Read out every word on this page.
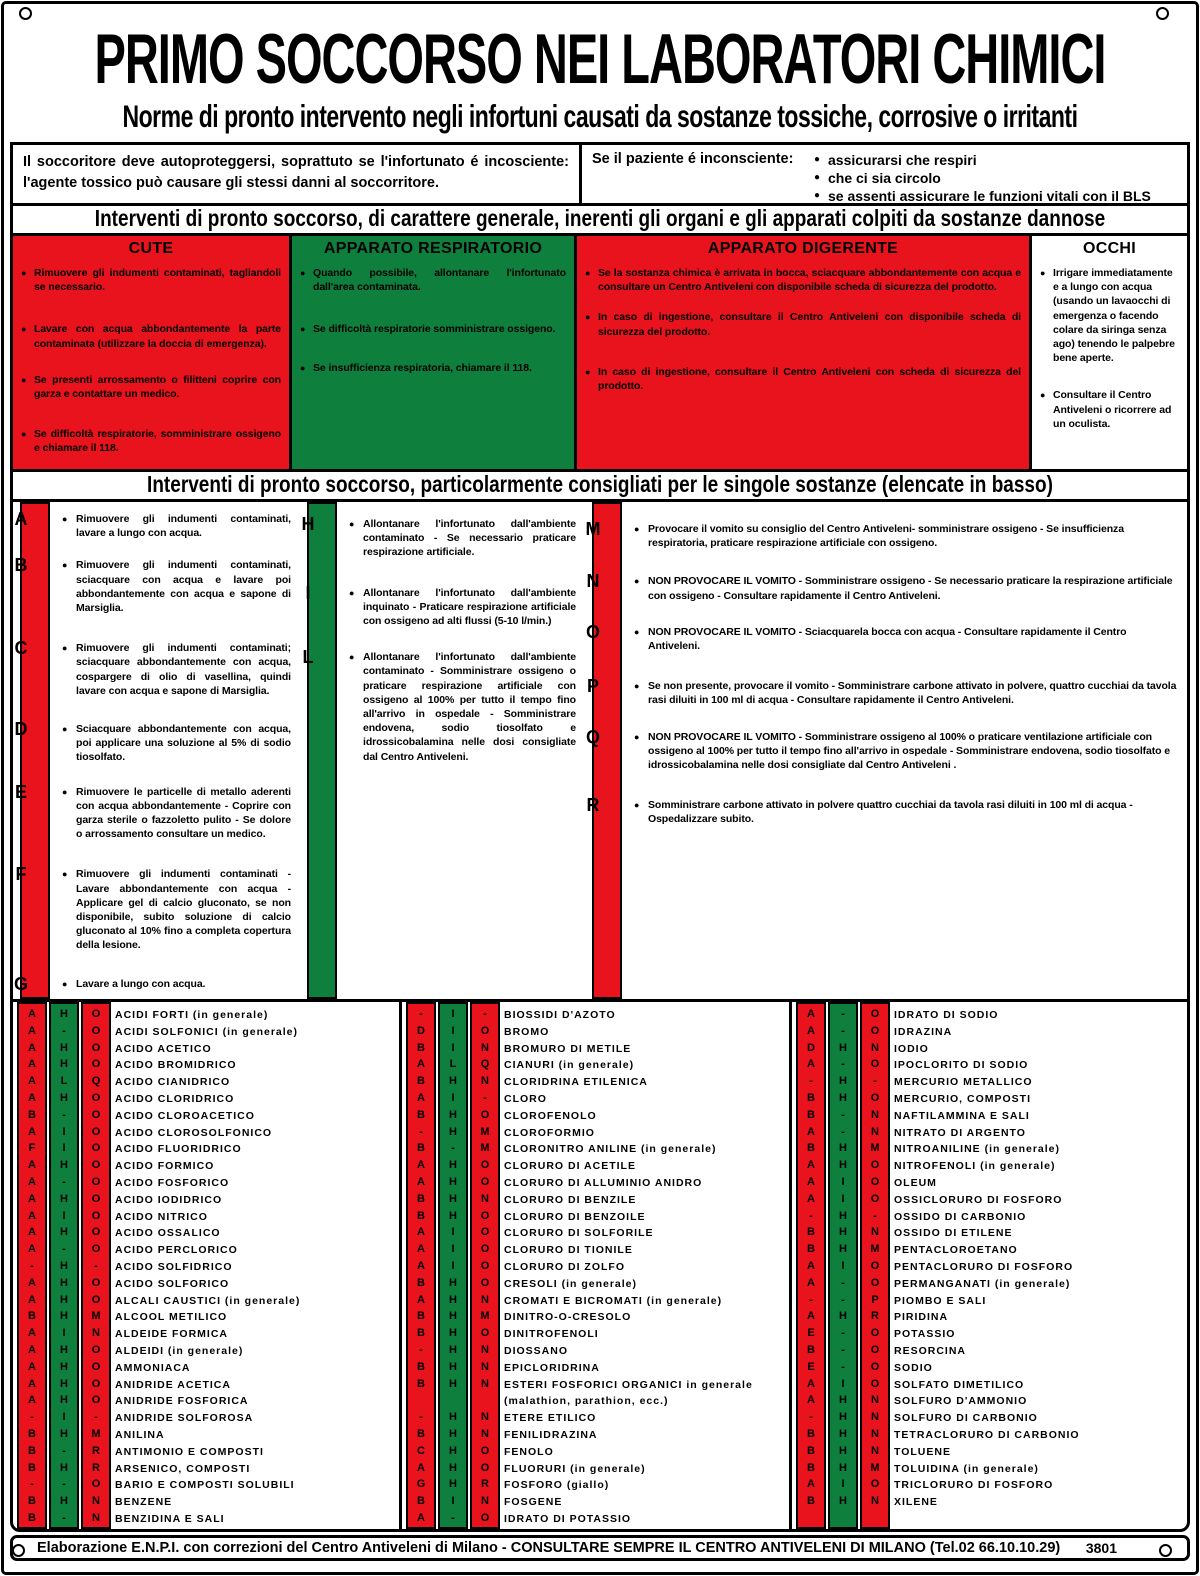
PRIMO SOCCORSO NEI LABORATORI CHIMICI
Norme di pronto intervento negli infortuni causati da sostanze tossiche, corrosive o irritanti
Il soccoritore deve autoproteggersi, soprattuto se l'infortunato é incosciente: l'agente tossico può causare gli stessi danni al soccorritore.
Se il paziente é inconsciente:	● assicurarsi che respiri
● che ci sia circolo
● se assenti assicurare le funzioni vitali con il BLS
Interventi di pronto soccorso, di carattere generale, inerenti gli organi e gli apparati colpiti da sostanze dannose
CUTE
● Rimuovere gli indumenti contaminati, tagliandoli se necessario.
● Lavare con acqua abbondantemente la parte contaminata (utilizzare la doccia di emergenza).
● Se presenti arrossamento o filitteni coprire con garza e contattare un medico.
● Se difficoltà respiratorie, somministrare ossigeno e chiamare il 118.
APPARATO RESPIRATORIO
● Quando possibile, allontanare l'infortunato dall'area contaminata.
● Se difficoltà respiratorie somministrare ossigeno.
● Se insufficienza respiratoria, chiamare il 118.
APPARATO DIGERENTE
● Se la sostanza chimica è arrivata in bocca, sciacquare abbondantemente con acqua e consultare un Centro Antiveleni con disponibile scheda di sicurezza del prodotto.
● In caso di ingestione, consultare il Centro Antiveleni con disponibile scheda di sicurezza del prodotto.
● In caso di ingestione, consultare il Centro Antiveleni con scheda di sicurezza del prodotto.
OCCHI
● Irrigare immediatamente e a lungo con acqua (usando un lavaocchi di emergenza o facendo colare da siringa senza ago) tenendo le palpebre bene aperte.
● Consultare il Centro Antiveleni o ricorrere ad un oculista.
Interventi di pronto soccorso, particolarmente consigliati per le singole sostanze (elencate in basso)
A	● Rimuovere gli indumenti contaminati, lavare a lungo con acqua.
B	● Rimuovere gli indumenti contaminati, sciacquare con acqua e lavare poi abbondantemente con acqua e sapone di Marsiglia.
C	● Rimuovere gli indumenti contaminati; sciacquare abbondantemente con acqua, cospargere di olio di vasellina, quindi lavare con acqua e sapone di Marsiglia.
D	● Sciacquare abbondantemente con acqua, poi applicare una soluzione al 5% di sodio tiosolfato.
E	● Rimuovere le particelle di metallo aderenti con acqua abbondantemente - Coprire con garza sterile o fazzoletto pulito - Se dolore o arrossamento consultare un medico.
F	● Rimuovere gli indumenti contaminati - Lavare abbondantemente con acqua - Applicare gel di calcio gluconato, se non disponibile, subito soluzione di calcio gluconato al 10% fino a completa copertura della lesione.
G	● Lavare a lungo con acqua.
H	● Allontanare l'infortunato dall'ambiente contaminato - Se necessario praticare respirazione artificiale.
I	● Allontanare l'infortunato dall'ambiente inquinato - Praticare respirazione artificiale con ossigeno ad alti flussi (5-10 l/min.)
L	● Allontanare l'infortunato dall'ambiente contaminato - Somministrare ossigeno o praticare respirazione artificiale con ossigeno al 100% per tutto il tempo fino all'arrivo in ospedale - Somministrare endovena, sodio tiosolfato e idrossicobalamina nelle dosi consigliate dal Centro Antiveleni.
M	● Provocare il vomito su consiglio del Centro Antiveleni- somministrare ossigeno - Se insufficienza respiratoria, praticare respirazione artificiale con ossigeno.
N	● NON PROVOCARE IL VOMITO - Somministrare ossigeno - Se necessario praticare la respirazione artificiale con ossigeno - Consultare rapidamente il Centro Antiveleni.
O	● NON PROVOCARE IL VOMITO - Sciacquarela bocca con acqua - Consultare rapidamente il Centro Antiveleni.
P	● Se non presente, provocare il vomito - Somministrare carbone attivato in polvere, quattro cucchiai da tavola rasi diluiti in 100 ml di acqua - Consultare rapidamente il Centro Antiveleni.
Q	● NON PROVOCARE IL VOMITO - Somministrare ossigeno al 100% o praticare ventilazione artificiale con ossigeno al 100% per tutto il tempo fino all'arrivo in ospedale - Somministrare endovena, sodio tiosolfato e idrossicobalamina nelle dosi consigliate dal Centro Antiveleni .
R	● Somministrare carbone attivato in polvere quattro cucchiai da tavola rasi diluiti in 100 ml di acqua - Ospedalizzare subito.
A	H	O	ACIDI FORTI (in generale)
A	-	O	ACIDI SOLFONICI (in generale)
A	H	O	ACIDO ACETICO
A	H	O	ACIDO BROMIDRICO
A	L	Q	ACIDO CIANIDRICO
A	H	O	ACIDO CLORIDRICO
B	-	O	ACIDO CLOROACETICO
A	I	O	ACIDO CLOROSOLFONICO
F	I	O	ACIDO FLUORIDRICO
A	H	O	ACIDO FORMICO
A	-	O	ACIDO FOSFORICO
A	H	O	ACIDO IODIDRICO
A	I	O	ACIDO NITRICO
A	H	O	ACIDO OSSALICO
A	-	O	ACIDO PERCLORICO
-	H	-	ACIDO SOLFIDRICO
A	H	O	ACIDO SOLFORICO
A	H	O	ALCALI CAUSTICI (in generale)
B	H	M	ALCOOL METILICO
A	I	N	ALDEIDE FORMICA
A	H	O	ALDEIDI (in generale)
A	H	O	AMMONIACA
A	H	O	ANIDRIDE ACETICA
A	H	O	ANIDRIDE FOSFORICA
-	I	-	ANIDRIDE SOLFOROSA
B	H	M	ANILINA
B	-	R	ANTIMONIO E COMPOSTI
B	H	R	ARSENICO, COMPOSTI
-	-	O	BARIO E COMPOSTI SOLUBILI
B	H	N	BENZENE
B	-	N	BENZIDINA E SALI
-	I	-	BIOSSIDI D'AZOTO
D	I	O	BROMO
B	I	N	BROMURO DI METILE
A	L	Q	CIANURI (in generale)
B	H	N	CLORIDRINA ETILENICA
A	I	-	CLORO
B	H	O	CLOROFENOLO
-	H	M	CLOROFORMIO
B	-	M	CLORONITRO ANILINE (in generale)
A	H	O	CLORURO DI ACETILE
A	H	O	CLORURO DI ALLUMINIO ANIDRO
B	H	N	CLORURO DI BENZILE
B	H	O	CLORURO DI BENZOILE
A	I	O	CLORURO DI SOLFORILE
A	I	O	CLORURO DI TIONILE
A	I	O	CLORURO DI ZOLFO
B	H	O	CRESOLI (in generale)
A	H	N	CROMATI E BICROMATI (in generale)
B	H	M	DINITRO-O-CRESOLO
B	H	O	DINITROFENOLI
-	H	N	DIOSSANO
B	H	N	EPICLORIDRINA
B	H	N	ESTERI FOSFORICI ORGANICI in generale
(malathion, parathion, ecc.)
-	H	N	ETERE ETILICO
B	H	N	FENILIDRAZINA
C	H	O	FENOLO
A	H	O	FLUORURI (in generale)
G	H	R	FOSFORO (giallo)
B	I	N	FOSGENE
A	-	O	IDRATO DI POTASSIO
A	-	O	IDRATO DI SODIO
A	-	O	IDRAZINA
D	H	N	IODIO
A	-	O	IPOCLORITO DI SODIO
-	H	-	MERCURIO METALLICO
B	H	O	MERCURIO, COMPOSTI
B	-	N	NAFTILAMMINA E SALI
A	-	N	NITRATO DI ARGENTO
B	H	M	NITROANILINE (in generale)
A	H	O	NITROFENOLI (in generale)
A	I	O	OLEUM
A	I	O	OSSICLORURO DI FOSFORO
-	H	-	OSSIDO DI CARBONIO
B	H	N	OSSIDO DI ETILENE
B	H	M	PENTACLOROETANO
A	I	O	PENTACLORURO DI FOSFORO
A	-	O	PERMANGANATI (in generale)
-	-	P	PIOMBO E SALI
A	H	R	PIRIDINA
E	-	O	POTASSIO
B	-	O	RESORCINA
E	-	O	SODIO
A	I	O	SOLFATO DIMETILICO
A	H	N	SOLFURO D'AMMONIO
-	H	N	SOLFURO DI CARBONIO
B	H	N	TETRACLORURO DI CARBONIO
B	H	N	TOLUENE
B	H	M	TOLUIDINA (in generale)
A	I	O	TRICLORURO DI FOSFORO
B	H	N	XILENE
Elaborazione E.N.P.I. con correzioni del Centro Antiveleni di Milano - CONSULTARE SEMPRE IL CENTRO ANTIVELENI DI MILANO (Tel.02 66.10.10.29) 3801
